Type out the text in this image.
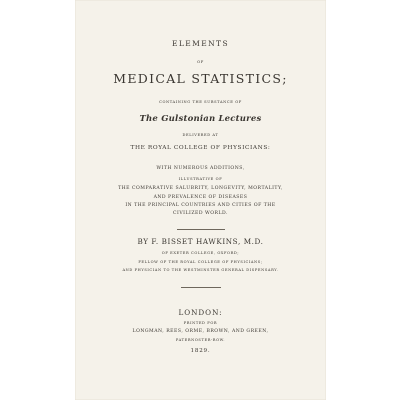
ELEMENTS
OF
MEDICAL STATISTICS;
CONTAINING THE SUBSTANCE OF
The Gulstonian Lectures
DELIVERED AT
THE ROYAL COLLEGE OF PHYSICIANS:
WITH NUMEROUS ADDITIONS,
ILLUSTRATIVE OF
THE COMPARATIVE SALUBRITY, LONGEVITY, MORTALITY,
AND PREVALENCE OF DISEASES
IN THE PRINCIPAL COUNTRIES AND CITIES OF THE
CIVILIZED WORLD.
BY F. BISSET HAWKINS, M.D.
OF EXETER COLLEGE, OXFORD;
FELLOW OF THE ROYAL COLLEGE OF PHYSICIANS;
AND PHYSICIAN TO THE WESTMINSTER GENERAL DISPENSARY.
LONDON:
PRINTED FOR
LONGMAN, REES, ORME, BROWN, AND GREEN,
PATERNOSTER-ROW.
1829.
